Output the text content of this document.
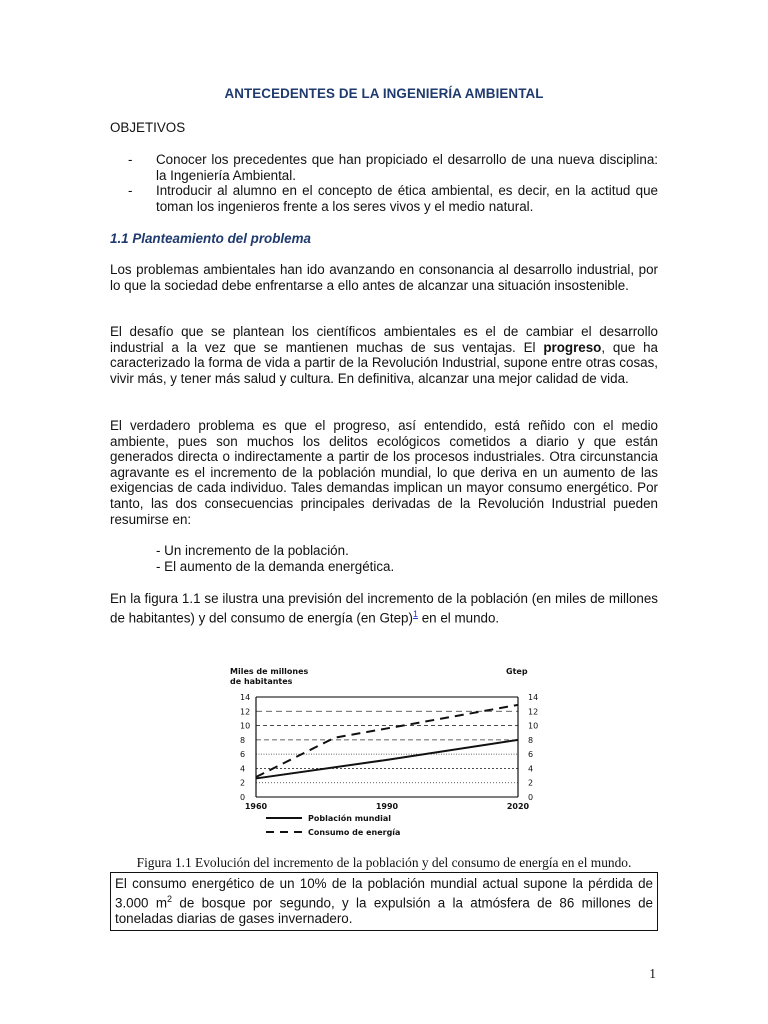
ANTECEDENTES DE LA INGENIERÍA AMBIENTAL
OBJETIVOS
-	Conocer los precedentes que han propiciado el desarrollo de una nueva disciplina: la Ingeniería Ambiental.
-	Introducir al alumno en el concepto de ética ambiental, es decir, en la actitud que toman los ingenieros frente a los seres vivos y el medio natural.
1.1 Planteamiento del problema
Los problemas ambientales han ido avanzando en consonancia al desarrollo industrial, por lo que la sociedad debe enfrentarse a ello antes de alcanzar una situación insostenible.
El desafío que se plantean los científicos ambientales es el de cambiar el desarrollo industrial a la vez que se mantienen muchas de sus ventajas. El progreso, que ha caracterizado la forma de vida a partir de la Revolución Industrial, supone entre otras cosas, vivir más, y tener más salud y cultura. En definitiva, alcanzar una mejor calidad de vida.
El verdadero problema es que el progreso, así entendido, está reñido con el medio ambiente, pues son muchos los delitos ecológicos cometidos a diario y que están generados directa o indirectamente a partir de los procesos industriales. Otra circunstancia agravante es el incremento de la población mundial, lo que deriva en un aumento de las exigencias de cada individuo. Tales demandas implican un mayor consumo energético. Por tanto, las dos consecuencias principales derivadas de la Revolución Industrial pueden resumirse en:
- Un incremento de la población.
- El aumento de la demanda energética.
En la figura 1.1 se ilustra una previsión del incremento de la población (en miles de millones de habitantes) y del consumo de energía (en Gtep)$^1$ en el mundo.
Miles de millones
de habitantes
Gtep
0	0
2	2
4	4
6	6
8	8
10	10
12	12
14	14
1960	1990	2020
Población mundial
Consumo de energía
Figura 1.1 Evolución del incremento de la población y del consumo de energía en el mundo.
El consumo energético de un 10% de la población mundial actual supone la pérdida de 3.000 $m^2$ de bosque por segundo, y la expulsión a la atmósfera de 86 millones de toneladas diarias de gases invernadero.
1
